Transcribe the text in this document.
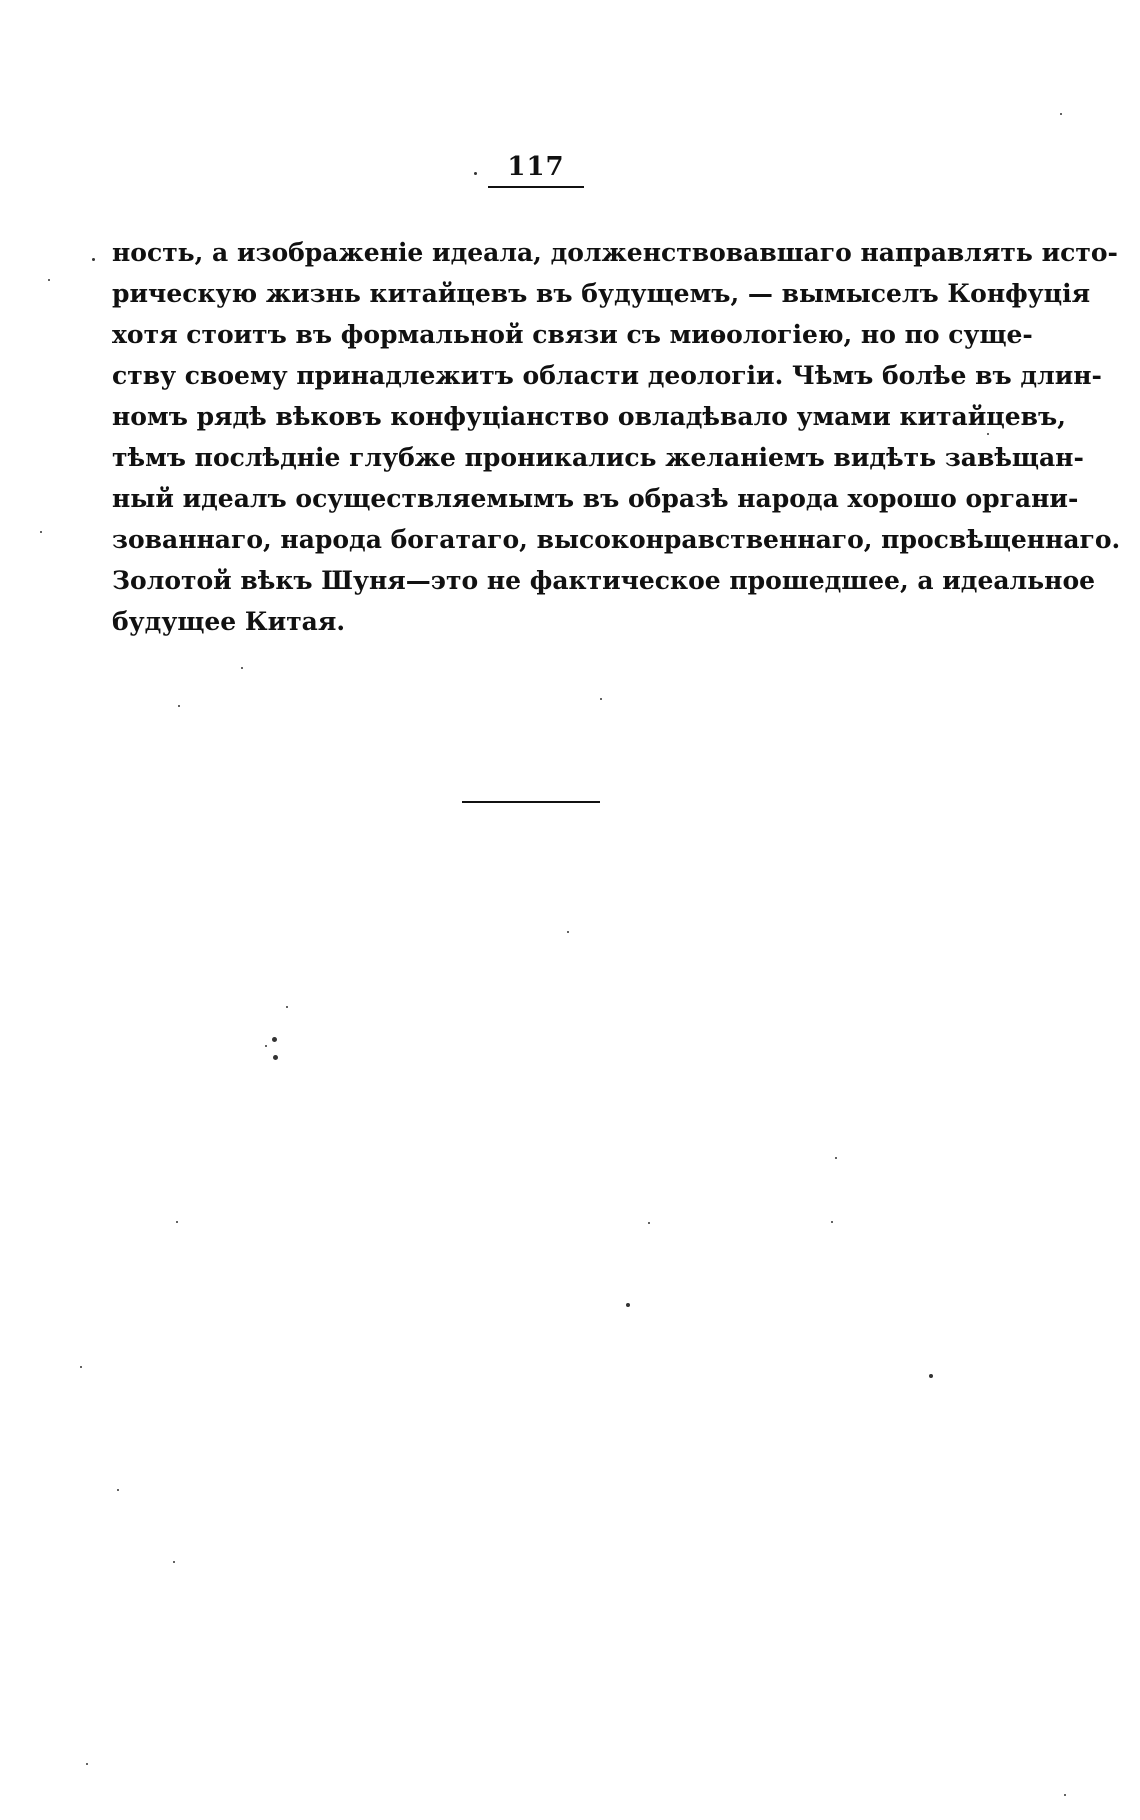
117
ность, а изображеніе идеала, долженствовавшаго направлять исто-
рическую жизнь китайцевъ въ будущемъ, — вымыселъ Конфуція
хотя стоитъ въ формальной связи съ миѳологіею, но по суще-
ству своему принадлежитъ области деологіи. Чѣмъ болѣе въ длин-
номъ рядѣ вѣковъ конфуціанство овладѣвало умами китайцевъ,
тѣмъ послѣдніе глубже проникались желаніемъ видѣть завѣщан-
ный идеалъ осуществляемымъ въ образѣ народа хорошо органи-
зованнаго, народа богатаго, высоконравственнаго, просвѣщеннаго.
Золотой вѣкъ Шуня—это не фактическое прошедшее, а идеальное
будущее Китая.
